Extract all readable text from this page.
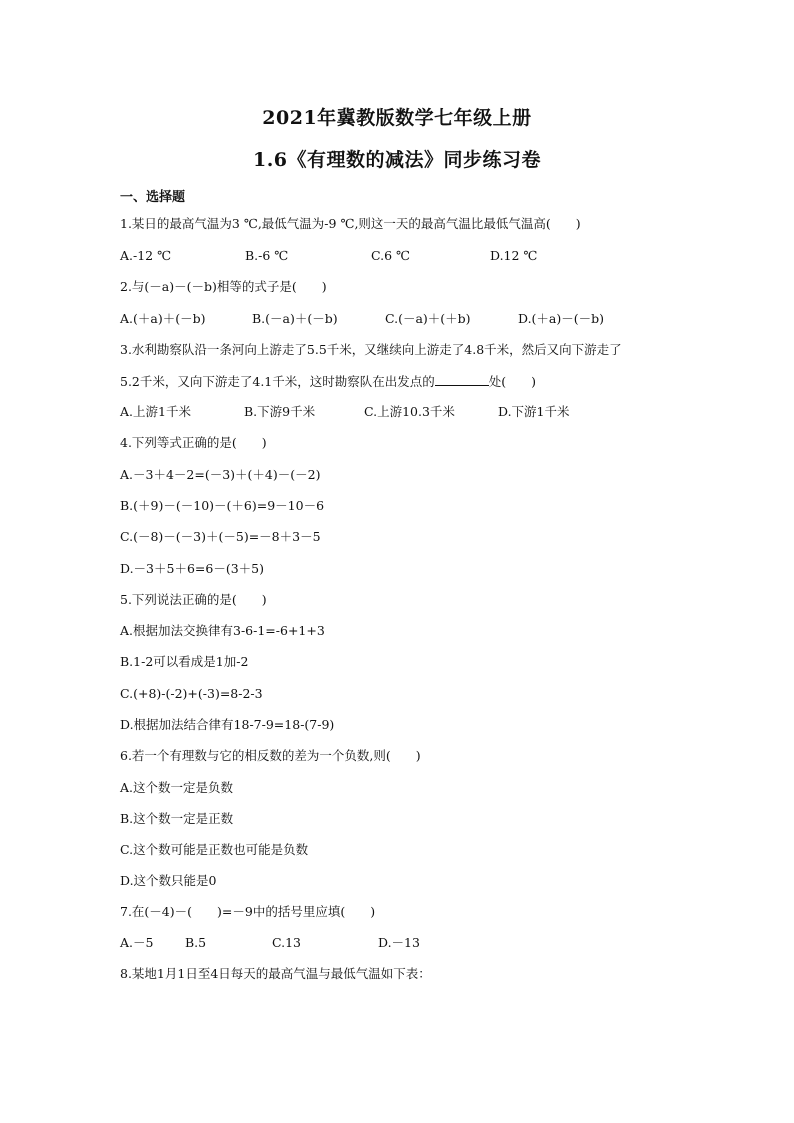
2021年冀教版数学七年级上册
1.6《有理数的减法》同步练习卷
一、选择题
1.某日的最高气温为3 ℃,最低气温为-9 ℃,则这一天的最高气温比最低气温高(　　)
A.-12 ℃	B.-6 ℃	C.6 ℃	D.12 ℃
2.与(－a)－(－b)相等的式子是(　　)
A.(＋a)＋(－b)	B.(－a)＋(－b)	C.(－a)＋(＋b)	D.(＋a)－(－b)
3.水利勘察队沿一条河向上游走了5.5千米，又继续向上游走了4.8千米，然后又向下游走了
5.2千米，又向下游走了4.1千米，这时勘察队在出发点的	处(　　)
A.上游1千米	B.下游9千米	C.上游10.3千米	D.下游1千米
4.下列等式正确的是(　　)
A.－3＋4－2=(－3)＋(＋4)－(－2)
B.(＋9)－(－10)－(＋6)=9－10－6
C.(－8)－(－3)＋(－5)=－8＋3－5
D.－3＋5＋6=6－(3＋5)
5.下列说法正确的是(　　)
A.根据加法交换律有3-6-1=-6+1+3
B.1-2可以看成是1加-2
C.(+8)-(-2)+(-3)=8-2-3
D.根据加法结合律有18-7-9=18-(7-9)
6.若一个有理数与它的相反数的差为一个负数,则(　　)
A.这个数一定是负数
B.这个数一定是正数
C.这个数可能是正数也可能是负数
D.这个数只能是0
7.在(－4)－(　　)=－9中的括号里应填(　　)
A.－5	B.5	C.13	D.－13
8.某地1月1日至4日每天的最高气温与最低气温如下表：
